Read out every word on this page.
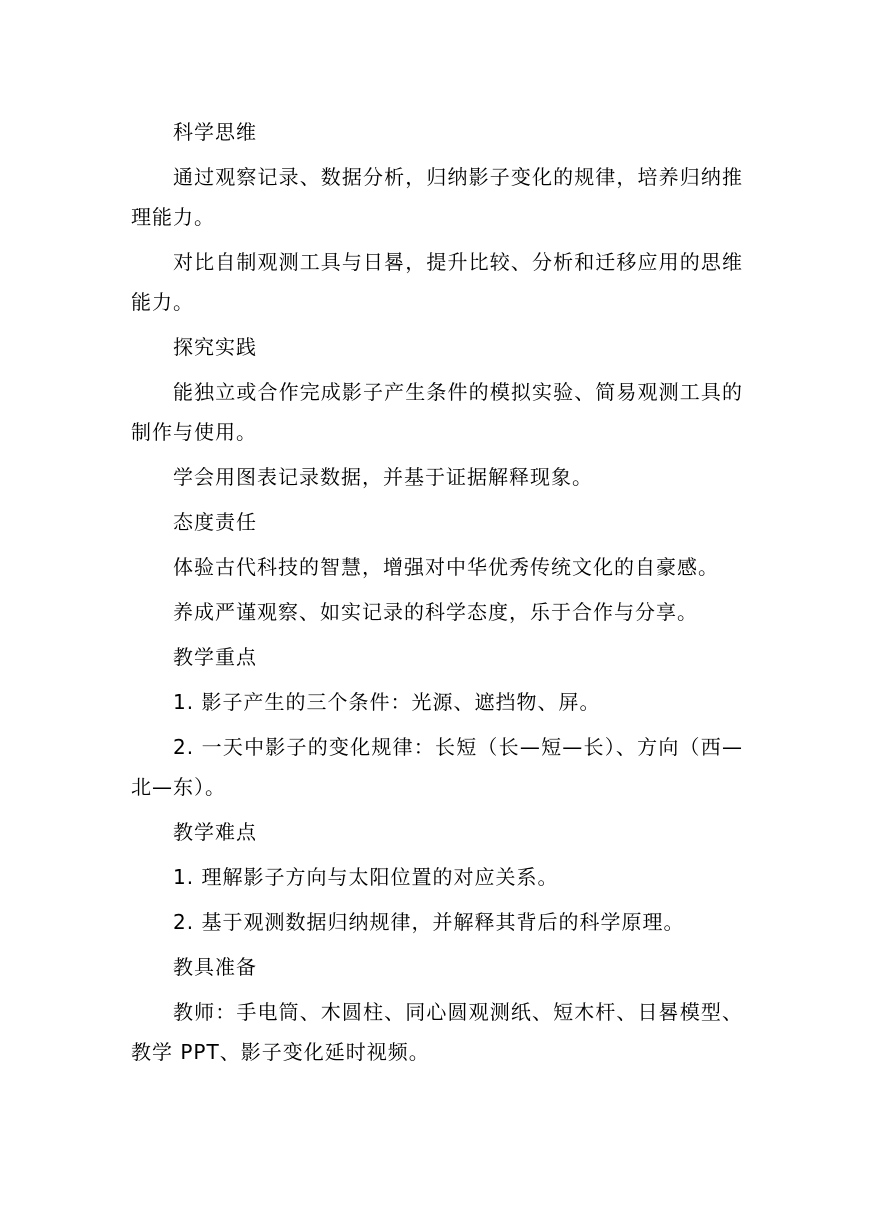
科学思维

通过观察记录、数据分析，归纳影子变化的规律，培养归纳推理能力。

对比自制观测工具与日晷，提升比较、分析和迁移应用的思维能力。

探究实践

能独立或合作完成影子产生条件的模拟实验、简易观测工具的制作与使用。

学会用图表记录数据，并基于证据解释现象。

态度责任

体验古代科技的智慧，增强对中华优秀传统文化的自豪感。

养成严谨观察、如实记录的科学态度，乐于合作与分享。

教学重点

1. 影子产生的三个条件：光源、遮挡物、屏。

2. 一天中影子的变化规律：长短（长—短—长）、方向（西—北—东）。

教学难点

1. 理解影子方向与太阳位置的对应关系。

2. 基于观测数据归纳规律，并解释其背后的科学原理。

教具准备

教师：手电筒、木圆柱、同心圆观测纸、短木杆、日晷模型、教学 PPT、影子变化延时视频。
